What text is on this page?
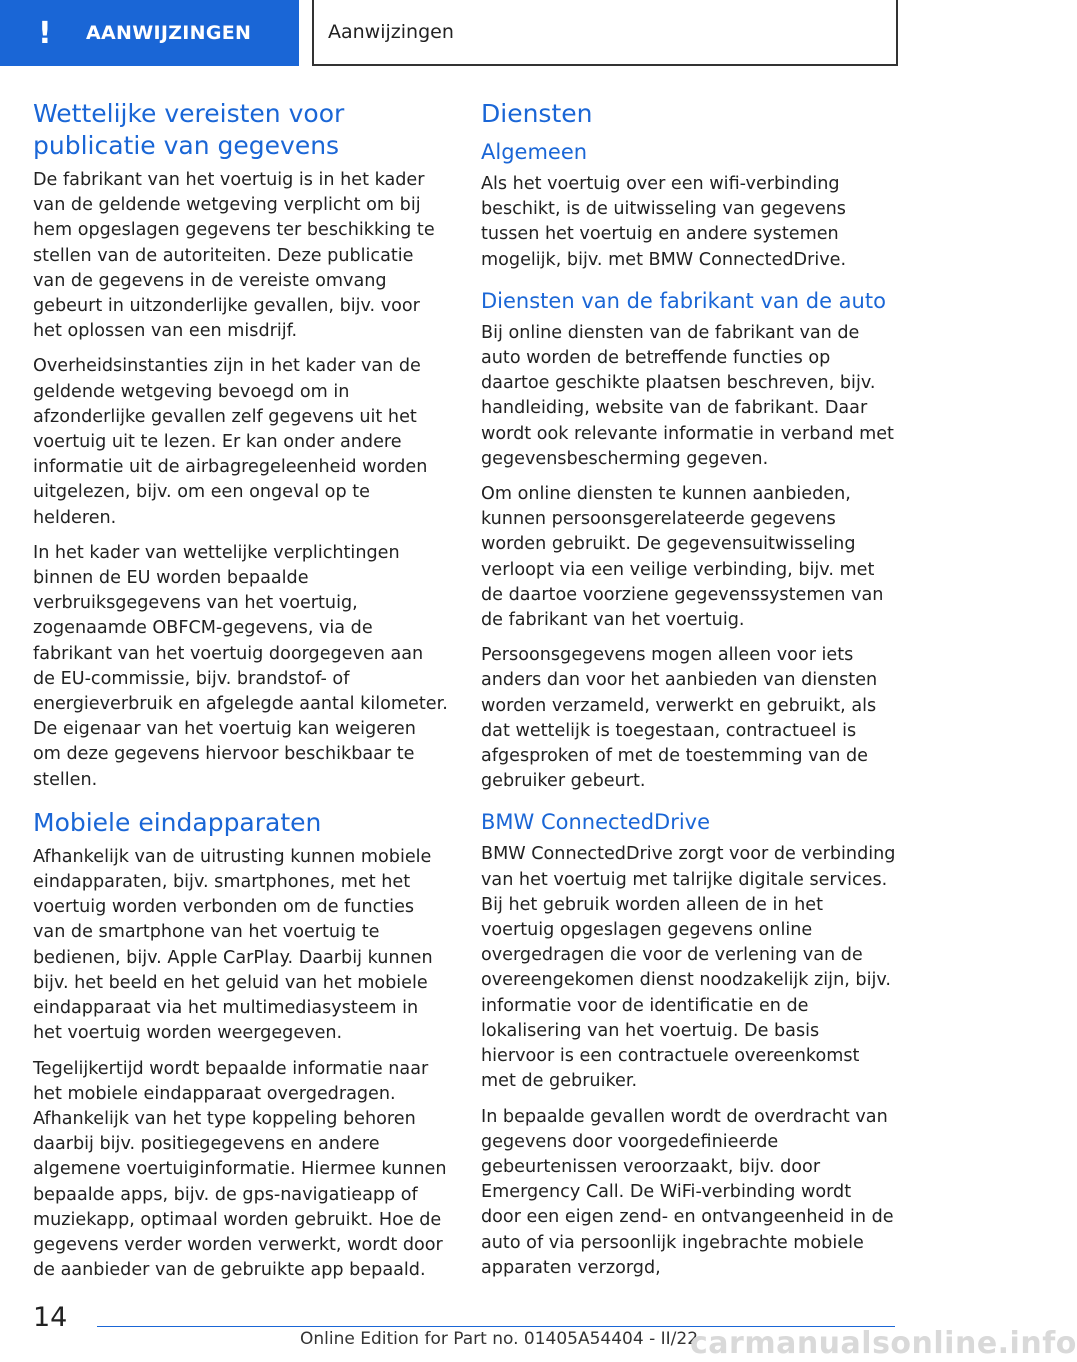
!	AANWIJZINGEN	Aanwijzingen
Wettelijke vereisten voor publicatie van gegevens

De fabrikant van het voertuig is in het kader van de geldende wetgeving verplicht om bij hem opgeslagen gegevens ter beschikking te stellen van de autoriteiten. Deze publicatie van de gegevens in de vereiste omvang gebeurt in uitzonderlijke gevallen, bijv. voor het oplossen van een misdrijf.

Overheidsinstanties zijn in het kader van de geldende wetgeving bevoegd om in afzonderlijke gevallen zelf gegevens uit het voertuig uit te lezen. Er kan onder andere informatie uit de airbagregeleenheid worden uitgelezen, bijv. om een ongeval op te helderen.

In het kader van wettelijke verplichtingen binnen de EU worden bepaalde verbruiksgegevens van het voertuig, zogenaamde OBFCM-gegevens, via de fabrikant van het voertuig doorgegeven aan de EU-commissie, bijv. brandstof- of energieverbruik en afgelegde aantal kilometer. De eigenaar van het voertuig kan weigeren om deze gegevens hiervoor beschikbaar te stellen.

Mobiele eindapparaten

Afhankelijk van de uitrusting kunnen mobiele eindapparaten, bijv. smartphones, met het voertuig worden verbonden om de functies van de smartphone van het voertuig te bedienen, bijv. Apple CarPlay. Daarbij kunnen bijv. het beeld en het geluid van het mobiele eindapparaat via het multimediasysteem in het voertuig worden weergegeven.

Tegelijkertijd wordt bepaalde informatie naar het mobiele eindapparaat overgedragen. Afhankelijk van het type koppeling behoren daarbij bijv. positiegegevens en andere algemene voertuiginformatie. Hiermee kunnen bepaalde apps, bijv. de gps-navigatieapp of muziekapp, optimaal worden gebruikt. Hoe de gegevens verder worden verwerkt, wordt door de aanbieder van de gebruikte app bepaald.

Diensten
Algemeen

Als het voertuig over een wifi-verbinding beschikt, is de uitwisseling van gegevens tussen het voertuig en andere systemen mogelijk, bijv. met BMW ConnectedDrive.

Diensten van de fabrikant van de auto

Bij online diensten van de fabrikant van de auto worden de betreffende functies op daartoe geschikte plaatsen beschreven, bijv. handleiding, website van de fabrikant. Daar wordt ook relevante informatie in verband met gegevensbescherming gegeven.

Om online diensten te kunnen aanbieden, kunnen persoonsgerelateerde gegevens worden gebruikt. De gegevensuitwisseling verloopt via een veilige verbinding, bijv. met de daartoe voorziene gegevenssystemen van de fabrikant van het voertuig.

Persoonsgegevens mogen alleen voor iets anders dan voor het aanbieden van diensten worden verzameld, verwerkt en gebruikt, als dat wettelijk is toegestaan, contractueel is afgesproken of met de toestemming van de gebruiker gebeurt.

BMW ConnectedDrive

BMW ConnectedDrive zorgt voor de verbinding van het voertuig met talrijke digitale services. Bij het gebruik worden alleen de in het voertuig opgeslagen gegevens online overgedragen die voor de verlening van de overeengekomen dienst noodzakelijk zijn, bijv. informatie voor de identificatie en de lokalisering van het voertuig. De basis hiervoor is een contractuele overeenkomst met de gebruiker.

In bepaalde gevallen wordt de overdracht van gegevens door voorgedefinieerde gebeurtenissen veroorzaakt, bijv. door Emergency Call. De WiFi-verbinding wordt door een eigen zend- en ontvangeenheid in de auto of via persoonlijk ingebrachte mobiele apparaten verzorgd,

14
Online Edition for Part no. 01405A54404 - II/22
carmanualsonline.info
